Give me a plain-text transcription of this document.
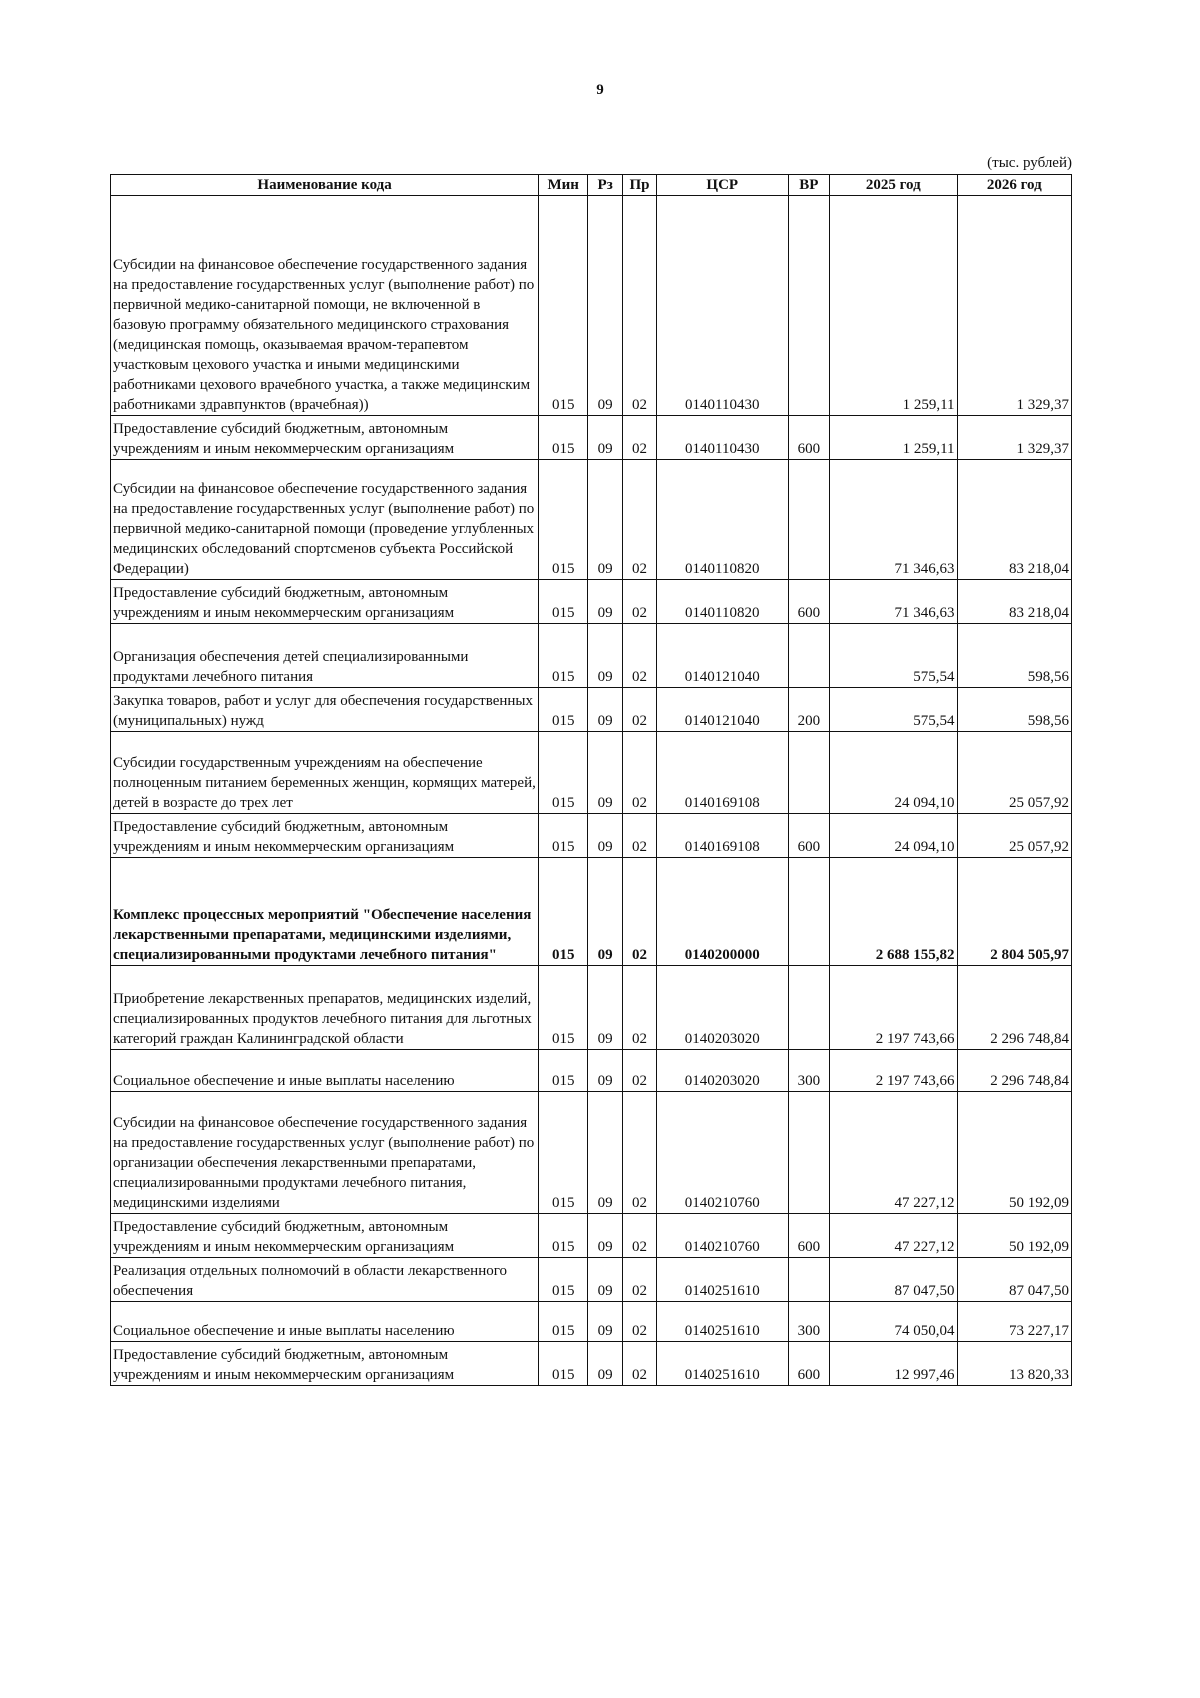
9
(тыс. рублей)
Наименование кода	Мин	Рз	Пр	ЦСР	ВР	2025 год	2026 год
Субсидии на финансовое обеспечение государственного задания на предоставление государственных услуг (выполнение работ) по первичной медико-санитарной помощи, не включенной в базовую программу обязательного медицинского страхования (медицинская помощь, оказываемая врачом-терапевтом участковым цехового участка и иными медицинскими работниками цехового врачебного участка, а также медицинским работниками здравпунктов (врачебная))	015	09	02	0140110430		1 259,11	1 329,37
Предоставление субсидий бюджетным, автономным учреждениям и иным некоммерческим организациям	015	09	02	0140110430	600	1 259,11	1 329,37
Субсидии на финансовое обеспечение государственного задания на предоставление государственных услуг (выполнение работ) по первичной медико-санитарной помощи (проведение углубленных медицинских обследований спортсменов субъекта Российской Федерации)	015	09	02	0140110820		71 346,63	83 218,04
Предоставление субсидий бюджетным, автономным учреждениям и иным некоммерческим организациям	015	09	02	0140110820	600	71 346,63	83 218,04
Организация обеспечения детей специализированными продуктами лечебного питания	015	09	02	0140121040		575,54	598,56
Закупка товаров, работ и услуг для обеспечения государственных (муниципальных) нужд	015	09	02	0140121040	200	575,54	598,56
Субсидии государственным учреждениям на обеспечение полноценным питанием беременных женщин, кормящих матерей, детей в возрасте до трех лет	015	09	02	0140169108		24 094,10	25 057,92
Предоставление субсидий бюджетным, автономным учреждениям и иным некоммерческим организациям	015	09	02	0140169108	600	24 094,10	25 057,92
Комплекс процессных мероприятий "Обеспечение населения лекарственными препаратами, медицинскими изделиями, специализированными продуктами лечебного питания"	015	09	02	0140200000		2 688 155,82	2 804 505,97
Приобретение лекарственных препаратов, медицинских изделий, специализированных продуктов лечебного питания для льготных категорий граждан Калининградской области	015	09	02	0140203020		2 197 743,66	2 296 748,84
Социальное обеспечение и иные выплаты населению	015	09	02	0140203020	300	2 197 743,66	2 296 748,84
Субсидии на финансовое обеспечение государственного задания на предоставление государственных услуг (выполнение работ) по организации обеспечения лекарственными препаратами, специализированными продуктами лечебного питания, медицинскими изделиями	015	09	02	0140210760		47 227,12	50 192,09
Предоставление субсидий бюджетным, автономным учреждениям и иным некоммерческим организациям	015	09	02	0140210760	600	47 227,12	50 192,09
Реализация отдельных полномочий в области лекарственного обеспечения	015	09	02	0140251610		87 047,50	87 047,50
Социальное обеспечение и иные выплаты населению	015	09	02	0140251610	300	74 050,04	73 227,17
Предоставление субсидий бюджетным, автономным учреждениям и иным некоммерческим организациям	015	09	02	0140251610	600	12 997,46	13 820,33
